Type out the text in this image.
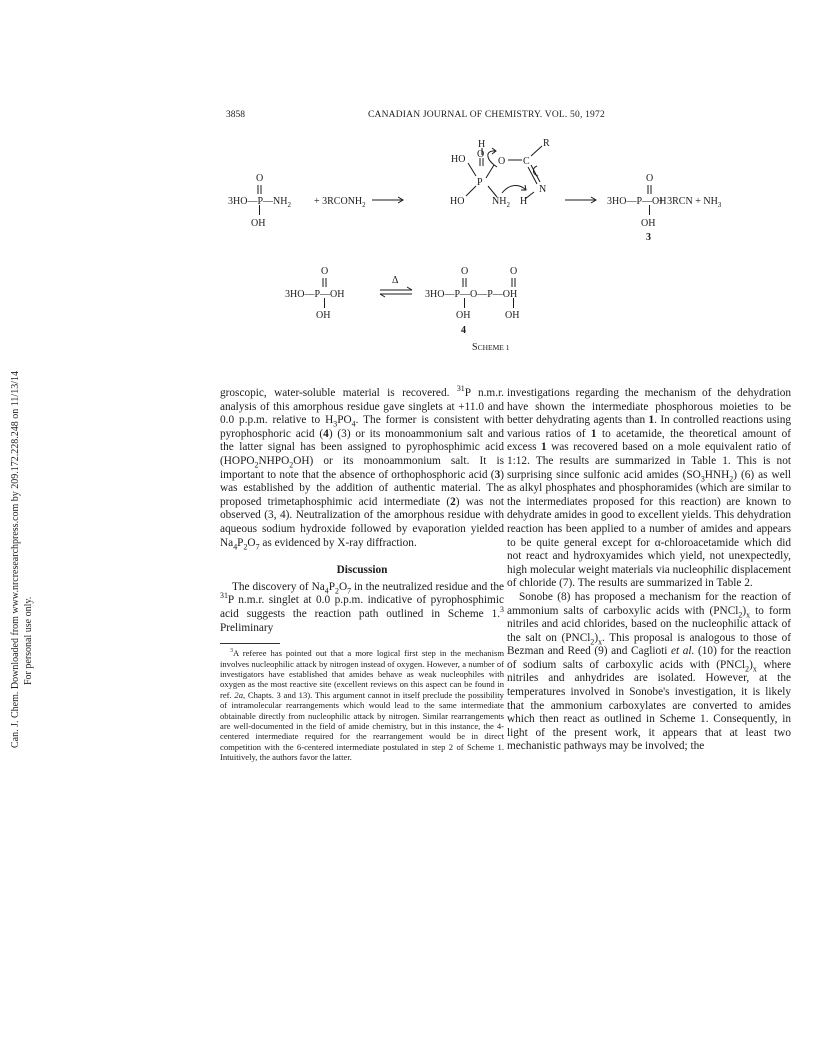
Can. J. Chem. Downloaded from www.nrcresearchpress.com by 209.172.228.248 on 11/13/14 For personal use only.
3858	CANADIAN JOURNAL OF CHEMISTRY. VOL. 50, 1972
O
$3HO—P—NH_2$
OH
+ $3RCONH_2$
H
O
HO
P
O C
R
N
HO	$NH_2$ H
O
3HO—P—OH
+ $3RCN + NH_3$
OH
3
O
3HO—P—OH
OH
Δ
O	O
3HO—P—O—P—OH
OH	OH
4
SCHEME 1

groscopic, water-soluble material is recovered. $^{31}$P n.m.r. analysis of this amorphous residue gave singlets at +11.0 and 0.0 p.p.m. relative to $H_3PO_4$. The former is consistent with pyrophosphoric acid (4) (3) or its monoammonium salt and the latter signal has been assigned to pyrophosphimic acid $(HOPO_2NHPO_2OH)$ or its monoammonium salt. It is important to note that the absence of orthophosphoric acid (3) was established by the addition of authentic material. The proposed trimetaphosphimic acid intermediate (2) was not observed (3, 4). Neutralization of the amorphous residue with aqueous sodium hydroxide followed by evaporation yielded $Na_4P_2O_7$ as evidenced by X-ray diffraction.

Discussion

The discovery of $Na_4P_2O_7$ in the neutralized residue and the $^{31}$P n.m.r. singlet at 0.0 p.p.m. indicative of pyrophosphimic acid suggests the reaction path outlined in Scheme 1.$^3$ Preliminary

$^3$A referee has pointed out that a more logical first step in the mechanism involves nucleophilic attack by nitrogen instead of oxygen. However, a number of investigators have established that amides behave as weak nucleophiles with oxygen as the most reactive site (excellent reviews on this aspect can be found in ref. 2a, Chapts. 3 and 13). This argument cannot in itself preclude the possibility of intramolecular rearrangements which would lead to the same intermediate obtainable directly from nucleophilic attack by nitrogen. Similar rearrangements are well-documented in the field of amide chemistry, but in this instance, the 4-centered intermediate required for the rearrangement would be in direct competition with the 6-centered intermediate postulated in step 2 of Scheme 1. Intuitively, the authors favor the latter.

investigations regarding the mechanism of the dehydration have shown the intermediate phosphorous moieties to be better dehydrating agents than 1. In controlled reactions using various ratios of 1 to acetamide, the theoretical amount of excess 1 was recovered based on a mole equivalent ratio of 1:12. The results are summarized in Table 1. This is not surprising since sulfonic acid amides $(SO_3HNH_2)$ (6) as well as alkyl phosphates and phosphoramides (which are similar to the intermediates proposed for this reaction) are known to dehydrate amides in good to excellent yields. This dehydration reaction has been applied to a number of amides and appears to be quite general except for α-chloroacetamide which did not react and hydroxyamides which yield, not unexpectedly, high molecular weight materials via nucleophilic displacement of chloride (7). The results are summarized in Table 2.

Sonobe (8) has proposed a mechanism for the reaction of ammonium salts of carboxylic acids with $(PNCl_2)_x$ to form nitriles and acid chlorides, based on the nucleophilic attack of the salt on $(PNCl_2)_x$. This proposal is analogous to those of Bezman and Reed (9) and Caglioti et al. (10) for the reaction of sodium salts of carboxylic acids with $(PNCl_2)_x$ where nitriles and anhydrides are isolated. However, at the temperatures involved in Sonobe's investigation, it is likely that the ammonium carboxylates are converted to amides which then react as outlined in Scheme 1. Consequently, in light of the present work, it appears that at least two mechanistic pathways may be involved; the
